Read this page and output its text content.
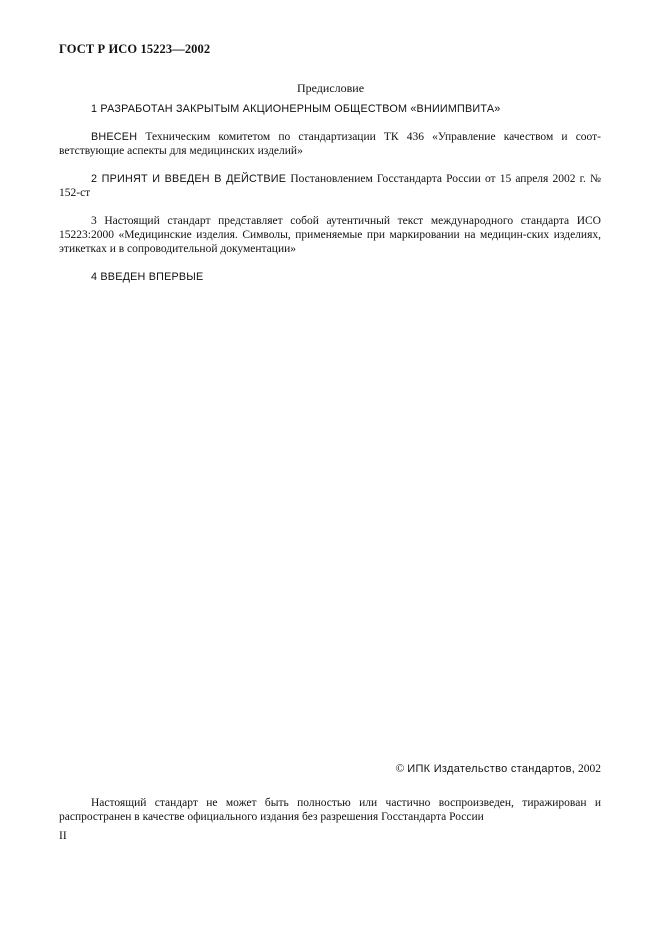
ГОСТ Р ИСО 15223—2002
Предисловие

1 РАЗРАБОТАН ЗАКРЫТЫМ АКЦИОНЕРНЫМ ОБЩЕСТВОМ «ВНИИМПВИТА»

ВНЕСЕН Техническим комитетом по стандартизации ТК 436 «Управление качеством и соот-ветствующие аспекты для медицинских изделий»

2 ПРИНЯТ И ВВЕДЕН В ДЕЙСТВИЕ Постановлением Госстандарта России от 15 апреля 2002 г. № 152-ст

3 Настоящий стандарт представляет собой аутентичный текст международного стандарта ИСО 15223:2000 «Медицинские изделия. Символы, применяемые при маркировании на медицин-ских изделиях, этикетках и в сопроводительной документации»

4 ВВЕДЕН ВПЕРВЫЕ

© ИПК Издательство стандартов, 2002

Настоящий стандарт не может быть полностью или частично воспроизведен, тиражирован и распространен в качестве официального издания без разрешения Госстандарта России

II
